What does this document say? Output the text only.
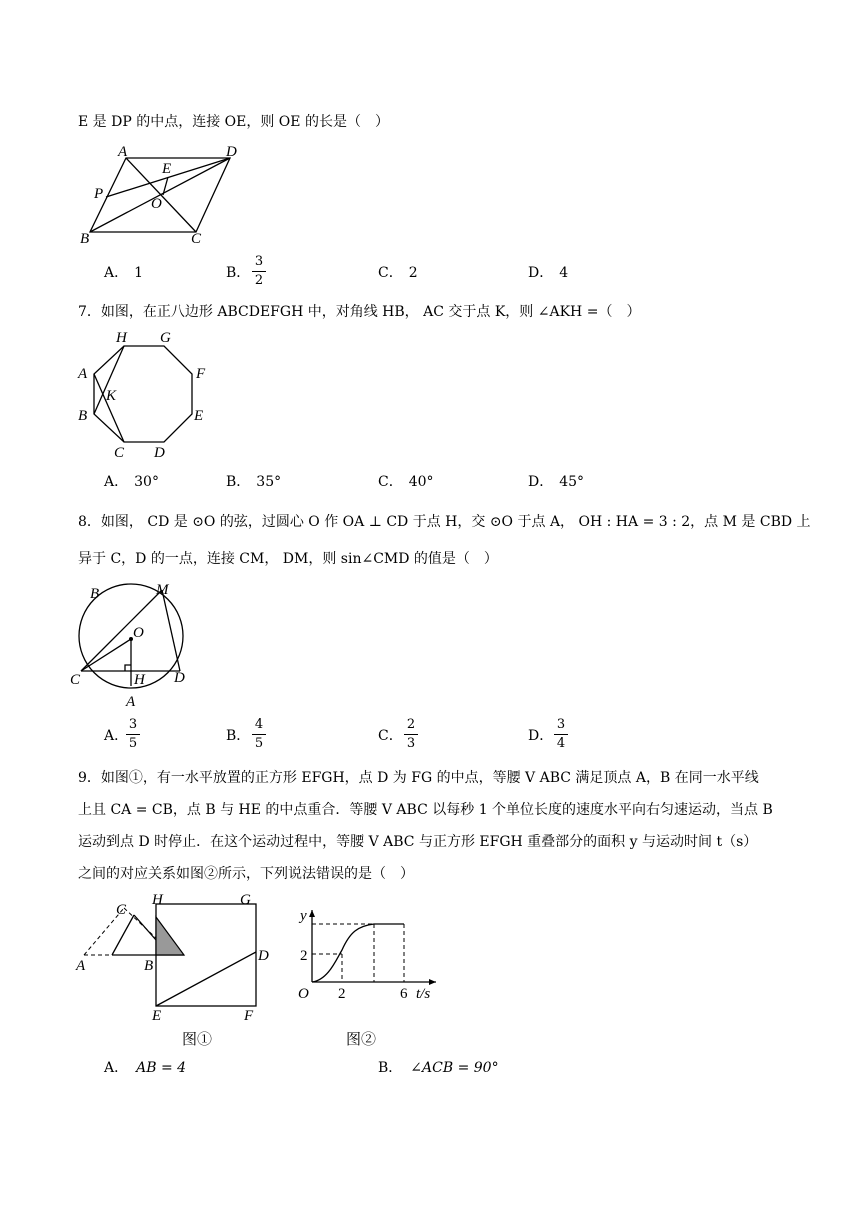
E 是 DP 的中点，连接 OE，则 OE 的长是（　）
A	D
E
P
O
B	C
A． 1	B．
3
2	C． 2	D． 4
7．如图，在正八边形 ABCDEFGH 中，对角线 HB， AC 交于点 K，则 ∠AKH =（　）
H G
A	F
K
B	E
C D
A． 30°	B． 35°	C． 40°	D． 45°
8．如图， CD 是 ⊙O 的弦，过圆心 O 作 OA ⊥ CD 于点 H，交 ⊙O 于点 A， OH : HA = 3 : 2，点 M 是 CBD 上
异于 C，D 的一点，连接 CM， DM，则 sin∠CMD 的值是（　）
B	M
O
C	H D
A
A．
3
5	B．
4
5	C．
2
3	D．
3
4
9．如图①，有一水平放置的正方形 EFGH，点 D 为 FG 的中点，等腰 V ABC 满足顶点 A，B 在同一水平线
上且 CA = CB，点 B 与 HE 的中点重合．等腰 V ABC 以每秒 1 个单位长度的速度水平向右匀速运动，当点 B
运动到点 D 时停止．在这个运动过程中，等腰 V ABC 与正方形 EFGH 重叠部分的面积 y 与运动时间 t（s）
之间的对应关系如图②所示，下列说法错误的是（　）
C
H	G
A	B
D
E	F
图①
y
2
O 2	6 t/s
图②
A． AB = 4	B． ∠ACB = 90°
